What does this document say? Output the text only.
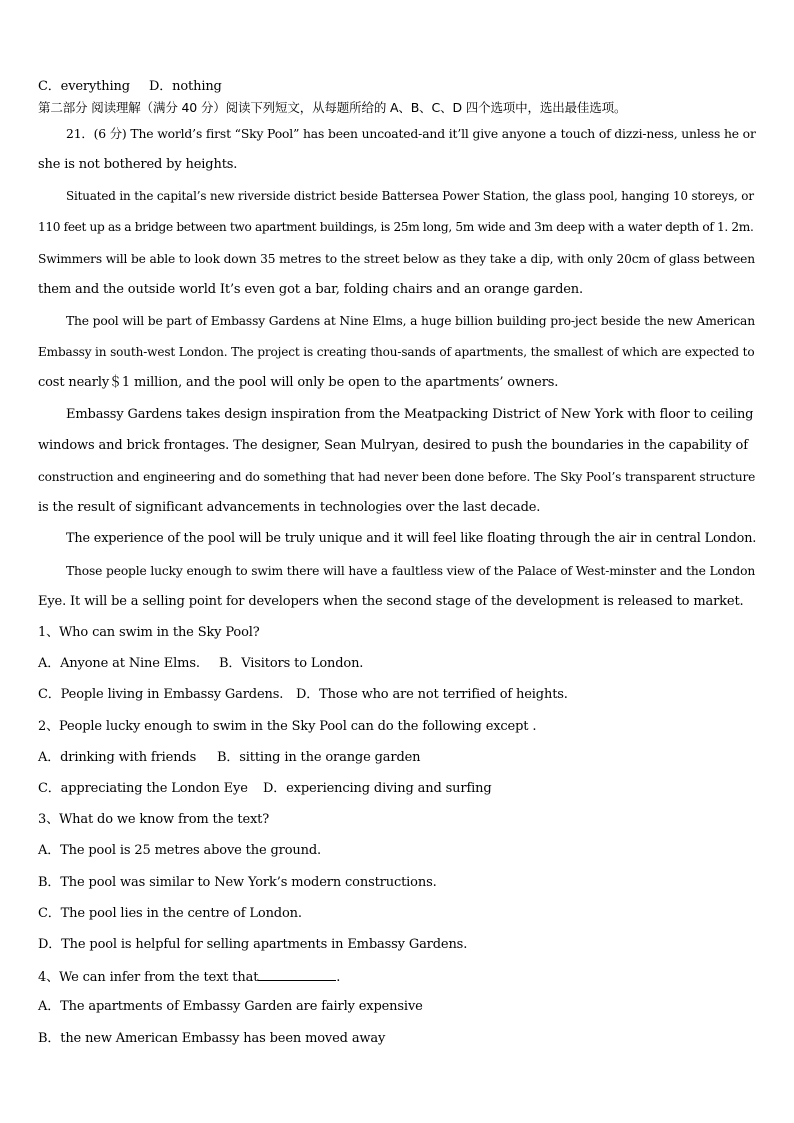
C．everything D．nothing
第二部分 阅读理解（满分 40 分）阅读下列短文，从每题所给的 A、B、C、D 四个选项中，选出最佳选项。
21．(6 分) The world’s first “Sky Pool” has been uncoated-and it’ll give anyone a touch of dizzi-ness, unless he or
she is not bothered by heights.
Situated in the capital’s new riverside district beside Battersea Power Station, the glass pool, hanging 10 storeys, or
110 feet up as a bridge between two apartment buildings, is 25m long, 5m wide and 3m deep with a water depth of 1. 2m.
Swimmers will be able to look down 35 metres to the street below as they take a dip, with only 20cm of glass between
them and the outside world It’s even got a bar, folding chairs and an orange garden.
The pool will be part of Embassy Gardens at Nine Elms, a huge billion building pro-ject beside the new American
Embassy in south-west London. The project is creating thou-sands of apartments, the smallest of which are expected to
cost nearly＄1 million, and the pool will only be open to the apartments’ owners.
Embassy Gardens takes design inspiration from the Meatpacking District of New York with floor to ceiling
windows and brick frontages. The designer, Sean Mulryan, desired to push the boundaries in the capability of
construction and engineering and do something that had never been done before. The Sky Pool’s transparent structure
is the result of significant advancements in technologies over the last decade.
The experience of the pool will be truly unique and it will feel like floating through the air in central London.
Those people lucky enough to swim there will have a faultless view of the Palace of West-minster and the London
Eye. It will be a selling point for developers when the second stage of the development is released to market.
1、Who can swim in the Sky Pool?
A．Anyone at Nine Elms. B．Visitors to London.
C．People living in Embassy Gardens. D．Those who are not terrified of heights.
2、People lucky enough to swim in the Sky Pool can do the following except .
A．drinking with friends B．sitting in the orange garden
C．appreciating the London Eye D．experiencing diving and surfing
3、What do we know from the text?
A．The pool is 25 metres above the ground.
B．The pool was similar to New York’s modern constructions.
C．The pool lies in the centre of London.
D．The pool is helpful for selling apartments in Embassy Gardens.
4、We can infer from the text that	.
A．The apartments of Embassy Garden are fairly expensive
B．the new American Embassy has been moved away
